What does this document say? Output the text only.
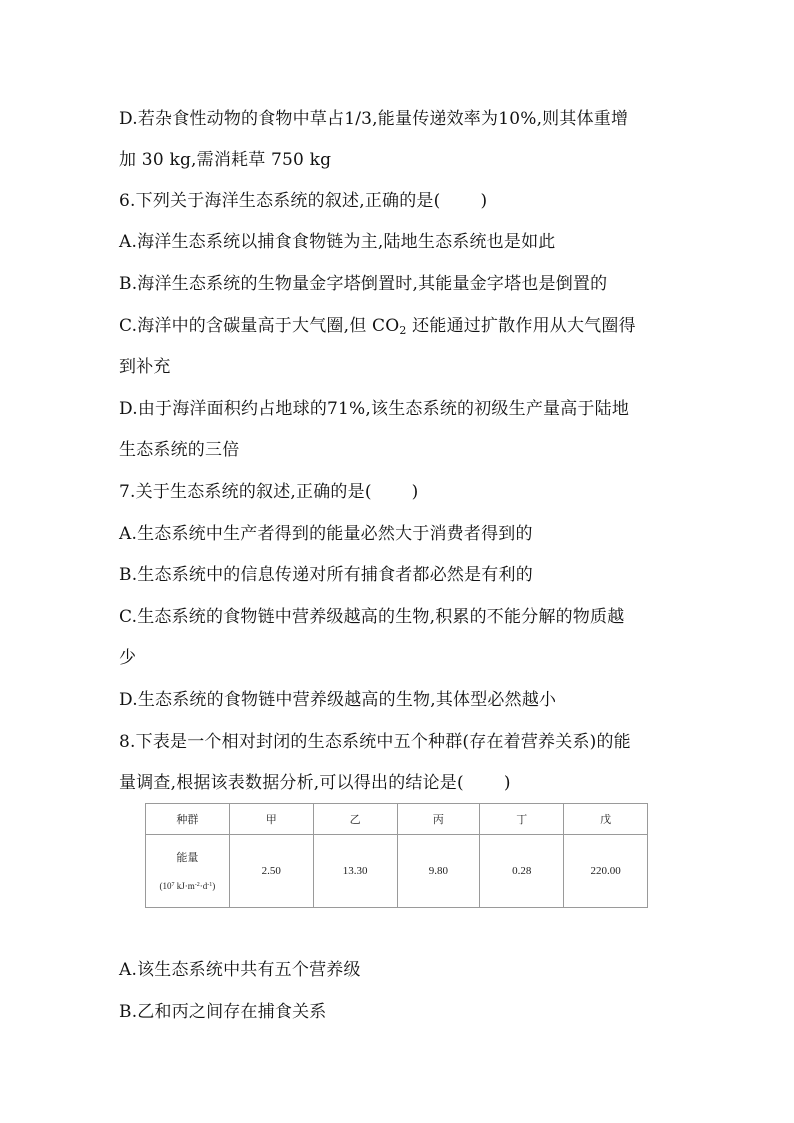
D.若杂食性动物的食物中草占1/3,能量传递效率为10%,则其体重增
加 30 kg,需消耗草 750 kg
6.下列关于海洋生态系统的叙述,正确的是( )
A.海洋生态系统以捕食食物链为主,陆地生态系统也是如此
B.海洋生态系统的生物量金字塔倒置时,其能量金字塔也是倒置的
C.海洋中的含碳量高于大气圈,但 $CO_2$ 还能通过扩散作用从大气圈得
到补充
D.由于海洋面积约占地球的71%,该生态系统的初级生产量高于陆地
生态系统的三倍
7.关于生态系统的叙述,正确的是( )
A.生态系统中生产者得到的能量必然大于消费者得到的
B.生态系统中的信息传递对所有捕食者都必然是有利的
C.生态系统的食物链中营养级越高的生物,积累的不能分解的物质越
少
D.生态系统的食物链中营养级越高的生物,其体型必然越小
8.下表是一个相对封闭的生态系统中五个种群(存在着营养关系)的能
量调查,根据该表数据分析,可以得出的结论是( )
种群	甲	乙	丙	丁	戊

能量
($10^7$ $kJ\cdot m^{-2}\cdot d^{-1}$)	2.50	13.30	9.80	0.28	220.00
A.该生态系统中共有五个营养级
B.乙和丙之间存在捕食关系
